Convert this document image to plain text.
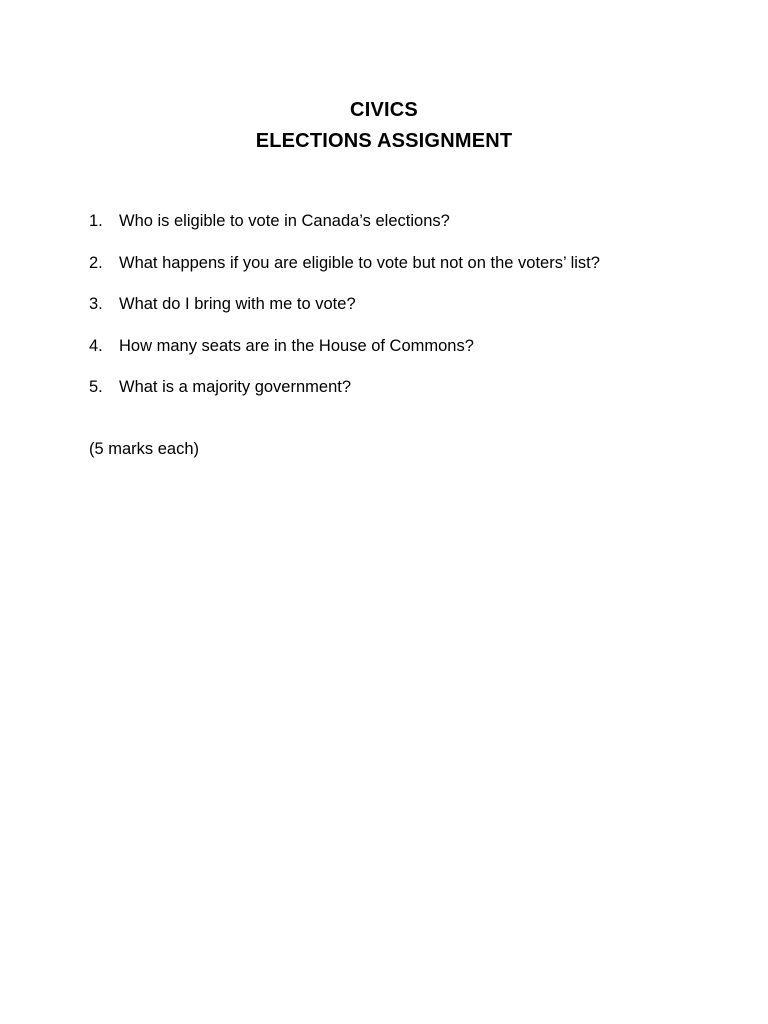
CIVICS
ELECTIONS ASSIGNMENT
1. Who is eligible to vote in Canada’s elections?
2. What happens if you are eligible to vote but not on the voters’ list?
3. What do I bring with me to vote?
4. How many seats are in the House of Commons?
5. What is a majority government?
(5 marks each)
